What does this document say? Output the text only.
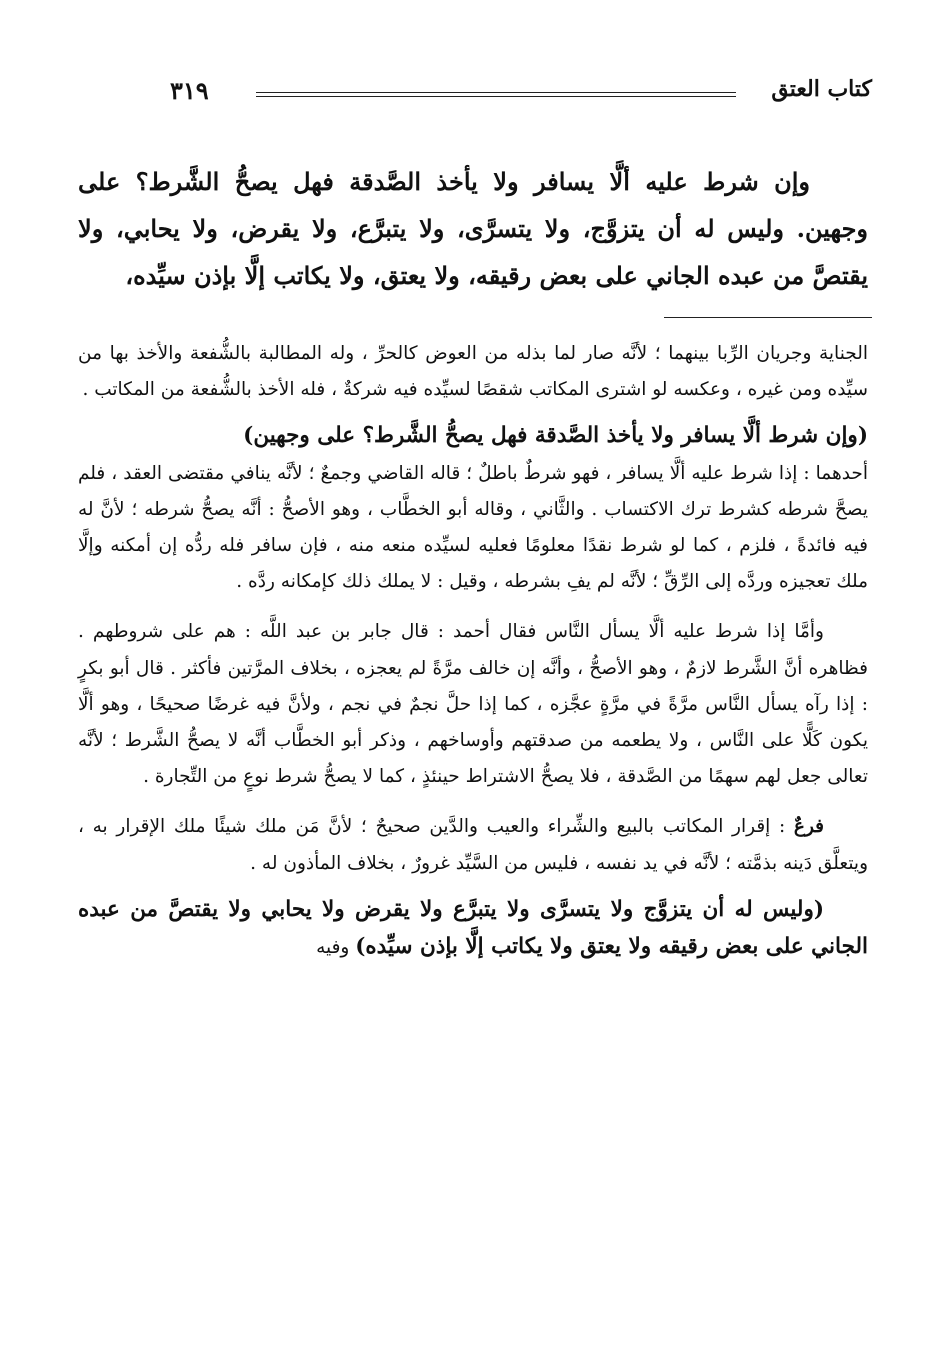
كتاب العتق
٣١٩

وإن شرط عليه ألَّا يسافر ولا يأخذ الصَّدقة فهل يصحُّ الشَّرط؟ على وجهين. وليس له أن يتزوَّج، ولا يتسرَّى، ولا يتبرَّع، ولا يقرض، ولا يحابي، ولا يقتصَّ من عبده الجاني على بعض رقيقه، ولا يعتق، ولا يكاتب إلَّا بإذن سيِّده،

الجناية وجريان الرِّبا بينهما ؛ لأنَّه صار لما بذله من العوض كالحرِّ ، وله المطالبة بالشُّفعة والأخذ بها من سيِّده ومن غيره ، وعكسه لو اشترى المكاتب شقصًا لسيِّده فيه شركةٌ ، فله الأخذ بالشُّفعة من المكاتب .

(وإن شرط ألَّا يسافر ولا يأخذ الصَّدقة فهل يصحُّ الشَّرط؟ على وجهين)

أحدهما : إذا شرط عليه ألَّا يسافر ، فهو شرطٌ باطلٌ ؛ قاله القاضي وجمعٌ ؛ لأنَّه ينافي مقتضى العقد ، فلم يصحَّ شرطه كشرط ترك الاكتساب . والثَّاني ، وقاله أبو الخطَّاب ، وهو الأصحُّ : أنَّه يصحُّ شرطه ؛ لأنَّ له فيه فائدةً ، فلزم ، كما لو شرط نقدًا معلومًا فعليه لسيِّده منعه منه ، فإن سافر فله ردُّه إن أمكنه وإلَّا ملك تعجيزه وردَّه إلى الرِّقِّ ؛ لأنَّه لم يفِ بشرطه ، وقيل : لا يملك ذلك كإمكانه ردَّه .

وأمَّا إذا شرط عليه ألَّا يسأل النَّاس فقال أحمد : قال جابر بن عبد اللَّه : هم على شروطهم . فظاهره أنَّ الشَّرط لازمٌ ، وهو الأصحُّ ، وأنَّه إن خالف مرَّةً لم يعجزه ، بخلاف المرَّتين فأكثر . قال أبو بكرٍ : إذا رآه يسأل النَّاس مرَّةً في مرَّةٍ عجَّزه ، كما إذا حلَّ نجمٌ في نجم ، ولأنَّ فيه غرضًا صحيحًا ، وهو ألَّا يكون كَلًّا على النَّاس ، ولا يطعمه من صدقتهم وأوساخهم ، وذكر أبو الخطَّاب أنَّه لا يصحُّ الشَّرط ؛ لأنَّه تعالى جعل لهم سهمًا من الصَّدقة ، فلا يصحُّ الاشتراط حينئذٍ ، كما لا يصحُّ شرط نوعٍ من التِّجارة .

فرعٌ : إقرار المكاتب بالبيع والشِّراء والعيب والدَّين صحيحٌ ؛ لأنَّ مَن ملك شيئًا ملك الإقرار به ، ويتعلَّق دَينه بذمَّته ؛ لأنَّه في يد نفسه ، فليس من السَّيِّد غرورٌ ، بخلاف المأذون له .

(وليس له أن يتزوَّج ولا يتسرَّى ولا يتبرَّع ولا يقرض ولا يحابي ولا يقتصَّ من عبده الجاني على بعض رقيقه ولا يعتق ولا يكاتب إلَّا بإذن سيِّده) وفيه
